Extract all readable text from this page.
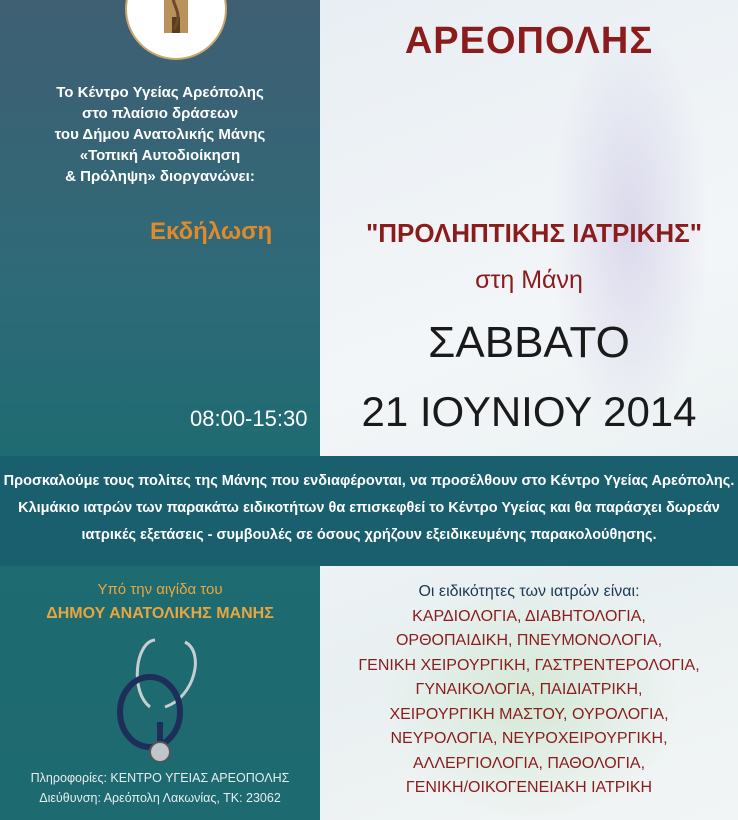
ΑΡΕΟΠΟΛΗΣ
Το Κέντρο Υγείας Αρεόπολης
στο πλαίσιο δράσεων
του Δήμου Ανατολικής Μάνης
«Τοπική Αυτοδιοίκηση
& Πρόληψη» διοργανώνει:
Εκδήλωση	"ΠΡΟΛΗΠΤΙΚΗΣ ΙΑΤΡΙΚΗΣ"
στη Μάνη
ΣΑΒΒΑΤΟ
21 ΙΟΥΝΙΟΥ 2014
08:00-15:30
Προσκαλούμε τους πολίτες της Μάνης που ενδιαφέρονται, να προσέλθουν στο Κέντρο Υγείας Αρεόπολης.
Κλιμάκιο ιατρών των παρακάτω ειδικοτήτων θα επισκεφθεί το Κέντρο Υγείας και θα παράσχει δωρεάν
ιατρικές εξετάσεις - συμβουλές σε όσους χρήζουν εξειδικευμένης παρακολούθησης.
Υπό την αιγίδα του
ΔΗΜΟΥ ΑΝΑΤΟΛΙΚΗΣ ΜΑΝΗΣ
Πληροφορίες: ΚΕΝΤΡΟ ΥΓΕΙΑΣ ΑΡΕΟΠΟΛΗΣ
Διεύθυνση: Αρεόπολη Λακωνίας, ΤΚ: 23062
Οι ειδικότητες των ιατρών είναι:
ΚΑΡΔΙΟΛΟΓΙΑ, ΔΙΑΒΗΤΟΛΟΓΙΑ,
ΟΡΘΟΠΑΙΔΙΚΗ, ΠΝΕΥΜΟΝΟΛΟΓΙΑ,
ΓΕΝΙΚΗ ΧΕΙΡΟΥΡΓΙΚΗ, ΓΑΣΤΡΕΝΤΕΡΟΛΟΓΙΑ,
ΓΥΝΑΙΚΟΛΟΓΙΑ, ΠΑΙΔΙΑΤΡΙΚΗ,
ΧΕΙΡΟΥΡΓΙΚΗ ΜΑΣΤΟΥ, ΟΥΡΟΛΟΓΙΑ,
ΝΕΥΡΟΛΟΓΙΑ, ΝΕΥΡΟΧΕΙΡΟΥΡΓΙΚΗ,
ΑΛΛΕΡΓΙΟΛΟΓΙΑ, ΠΑΘΟΛΟΓΙΑ,
ΓΕΝΙΚΗ/ΟΙΚΟΓΕΝΕΙΑΚΗ ΙΑΤΡΙΚΗ
